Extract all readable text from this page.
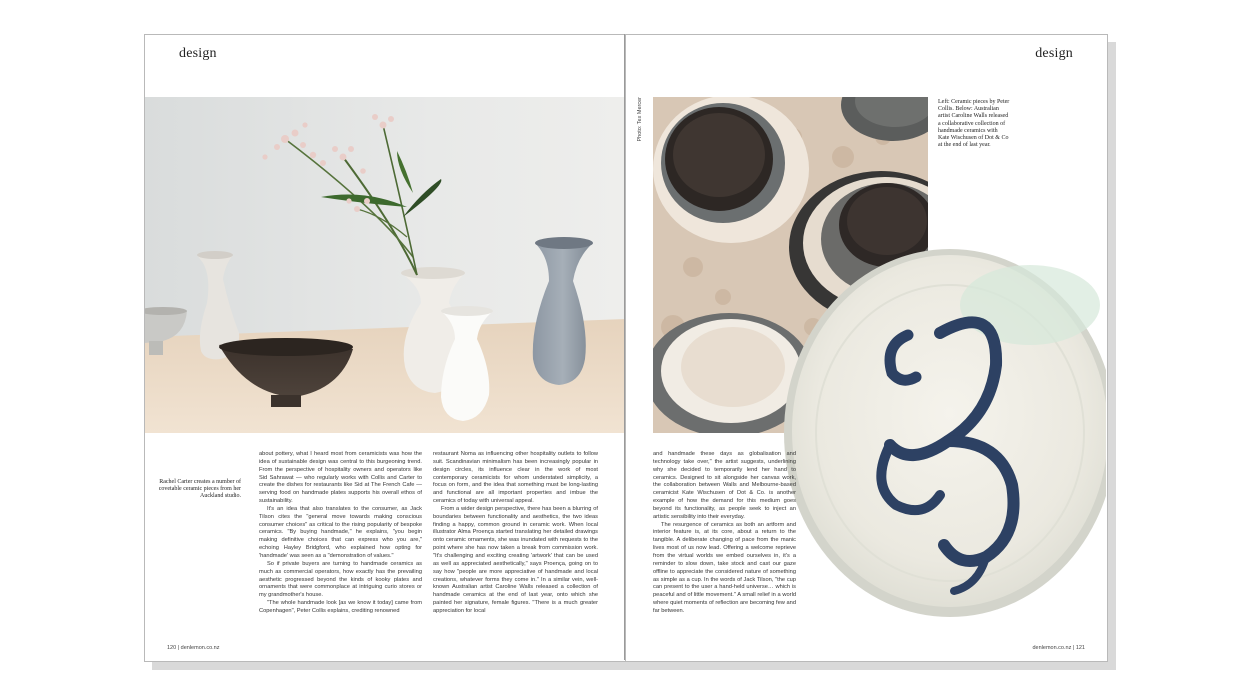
design
Rachel Carter creates a number of covetable ceramic pieces from her Auckland studio.

about pottery, what I heard most from ceramicists was how the idea of sustainable design was central to this burgeoning trend. From the perspective of hospitality owners and operators like Sid Sahrawat — who regularly works with Collis and Carter to create the dishes for restaurants like Sid at The French Cafe — serving food on handmade plates supports his overall ethos of sustainability.

It's an idea that also translates to the consumer, as Jack Tilson cites the "general move towards making conscious consumer choices" as critical to the rising popularity of bespoke ceramics. "By buying handmade," he explains, "you begin making definitive choices that can express who you are," echoing Hayley Bridgford, who explained how opting for 'handmade' was seen as a "demonstration of values."

So if private buyers are turning to handmade ceramics as much as commercial operators, how exactly has the prevailing aesthetic progressed beyond the kinds of kooky plates and ornaments that were commonplace at intriguing curio stores or my grandmother's house.

"The whole handmade look [as we know it today] came from Copenhagen", Peter Collis explains, crediting renowned

restaurant Noma as influencing other hospitality outlets to follow suit. Scandinavian minimalism has been increasingly popular in design circles, its influence clear in the work of most contemporary ceramicists for whom understated simplicity, a focus on form, and the idea that something must be long-lasting and functional are all important properties and imbue the ceramics of today with universal appeal.

From a wider design perspective, there has been a blurring of boundaries between functionality and aesthetics, the two ideas finding a happy, common ground in ceramic work. When local illustrator Alma Proença started translating her detailed drawings onto ceramic ornaments, she was inundated with requests to the point where she has now taken a break from commission work. "It's challenging and exciting creating 'artwork' that can be used as well as appreciated aesthetically," says Proença, going on to say how "people are more appreciative of handmade and local creations, whatever forms they come in." In a similar vein, well-known Australian artist Caroline Walls released a collection of handmade ceramics at the end of last year, onto which she painted her signature, female figures. "There is a much greater appreciation for local

120 | denlemon.co.nz
design
Photo: Tex Mercer	Left: Ceramic pieces by Peter Collis. Below: Australian artist Caroline Walls released a collaborative collection of handmade ceramics with Kate Wischusen of Dot & Co at the end of last year.

and handmade these days as globalisation and technology take over," the artist suggests, underlining why she decided to temporarily lend her hand to ceramics. Designed to sit alongside her canvas work, the collaboration between Walls and Melbourne-based ceramicist Kate Wischusen of Dot & Co. is another example of how the demand for this medium goes beyond its functionality, as people seek to inject an artistic sensibility into their everyday.

The resurgence of ceramics as both an artform and interior feature is, at its core, about a return to the tangible. A deliberate changing of pace from the manic lives most of us now lead. Offering a welcome reprieve from the virtual worlds we embed ourselves in, it's a reminder to slow down, take stock and cast our gaze offline to appreciate the considered nature of something as simple as a cup. In the words of Jack Tilson, "the cup can present to the user a hand-held universe… which is peaceful and of little movement." A small relief in a world where quiet moments of reflection are becoming few and far between.

denlemon.co.nz | 121
